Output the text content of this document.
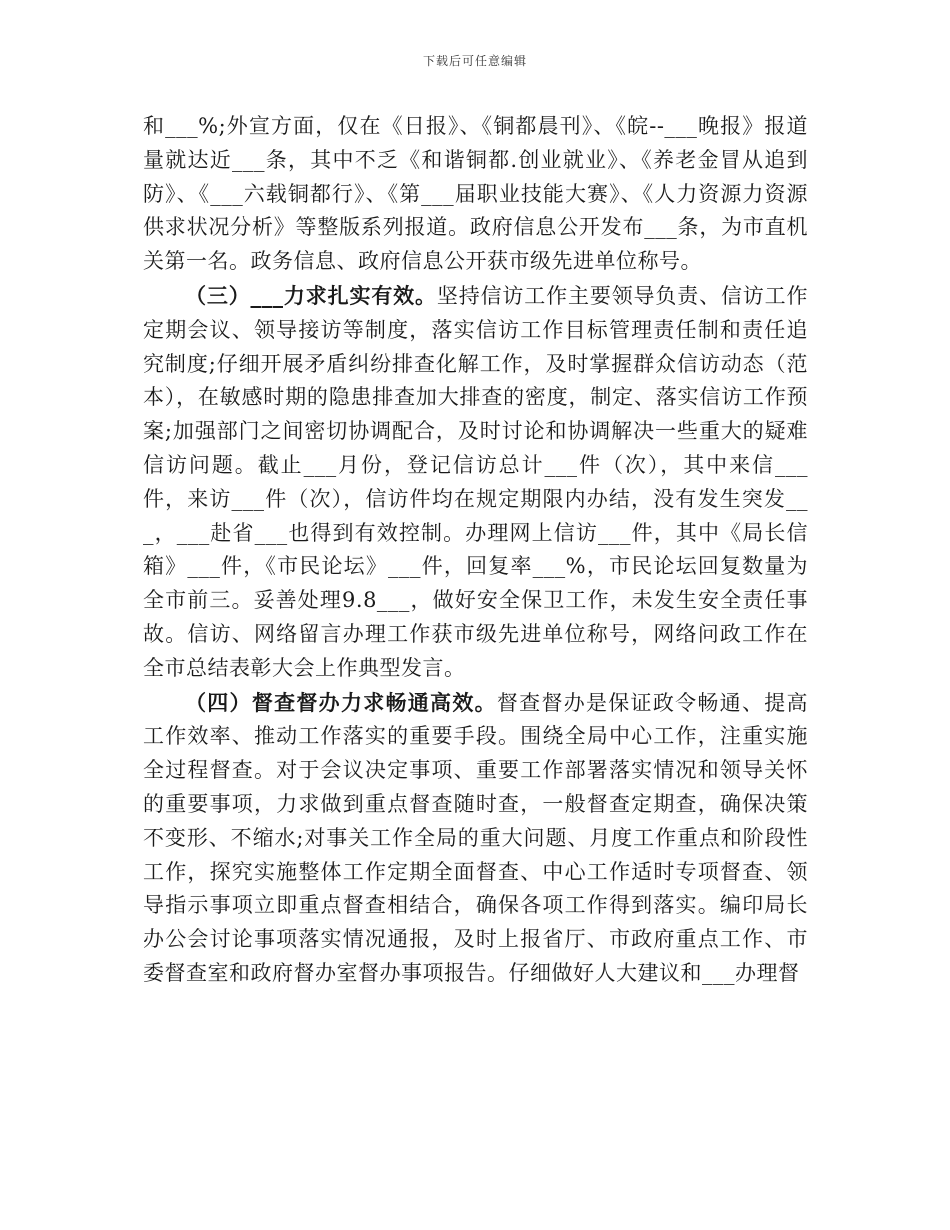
下载后可任意编辑

和___%;外宣方面，仅在《日报》、《铜都晨刊》、《皖--___晚报》报道量就达近___条，其中不乏《和谐铜都.创业就业》、《养老金冒从追到防》、《___六载铜都行》、《第___届职业技能大赛》、《人力资源力资源供求状况分析》等整版系列报道。政府信息公开发布___条，为市直机关第一名。政务信息、政府信息公开获市级先进单位称号。

（三）___力求扎实有效。坚持信访工作主要领导负责、信访工作定期会议、领导接访等制度，落实信访工作目标管理责任制和责任追究制度;仔细开展矛盾纠纷排查化解工作，及时掌握群众信访动态（范本），在敏感时期的隐患排查加大排查的密度，制定、落实信访工作预案;加强部门之间密切协调配合，及时讨论和协调解决一些重大的疑难信访问题。截止___月份，登记信访总计___件（次），其中来信___件，来访___件（次），信访件均在规定期限内办结，没有发生突发___，___赴省___也得到有效控制。办理网上信访___件，其中《局长信箱》___件，《市民论坛》___件，回复率___%，市民论坛回复数量为全市前三。妥善处理9.8___，做好安全保卫工作，未发生安全责任事故。信访、网络留言办理工作获市级先进单位称号，网络问政工作在全市总结表彰大会上作典型发言。

（四）督查督办力求畅通高效。督查督办是保证政令畅通、提高工作效率、推动工作落实的重要手段。围绕全局中心工作，注重实施全过程督查。对于会议决定事项、重要工作部署落实情况和领导关怀的重要事项，力求做到重点督查随时查，一般督查定期查，确保决策不变形、不缩水;对事关工作全局的重大问题、月度工作重点和阶段性工作，探究实施整体工作定期全面督查、中心工作适时专项督查、领导指示事项立即重点督查相结合，确保各项工作得到落实。编印局长办公会讨论事项落实情况通报，及时上报省厅、市政府重点工作、市委督查室和政府督办室督办事项报告。仔细做好人大建议和___办理督
